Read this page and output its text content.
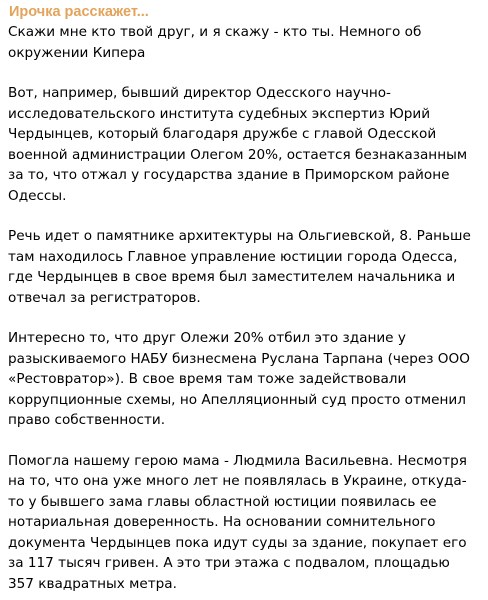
Ирочка расскажет...

Скажи мне кто твой друг, и я скажу - кто ты. Немного об окружении Кипера

Вот, например, бывший директор Одесского научно-исследовательского института судебных экспертиз Юрий Чердынцев, который благодаря дружбе с главой Одесской военной администрации Олегом 20%, остается безнаказанным за то, что отжал у государства здание в Приморском районе Одессы.

Речь идет о памятнике архитектуры на Ольгиевской, 8. Раньше там находилось Главное управление юстиции города Одесса, где Чердынцев в свое время был заместителем начальника и отвечал за регистраторов.

Интересно то, что друг Олежи 20% отбил это здание у разыскиваемого НАБУ бизнесмена Руслана Тарпана (через ООО «Рестовратор»). В свое время там тоже задействовали коррупционные схемы, но Апелляционный суд просто отменил право собственности.

Помогла нашему герою мама - Людмила Васильевна. Несмотря на то, что она уже много лет не появлялась в Украине, откуда-то у бывшего зама главы областной юстиции появилась ее нотариальная доверенность. На основании сомнительного документа Чердынцев пока идут суды за здание, покупает его за 117 тысяч гривен. А это три этажа с подвалом, площадью 357 квадратных метра.
